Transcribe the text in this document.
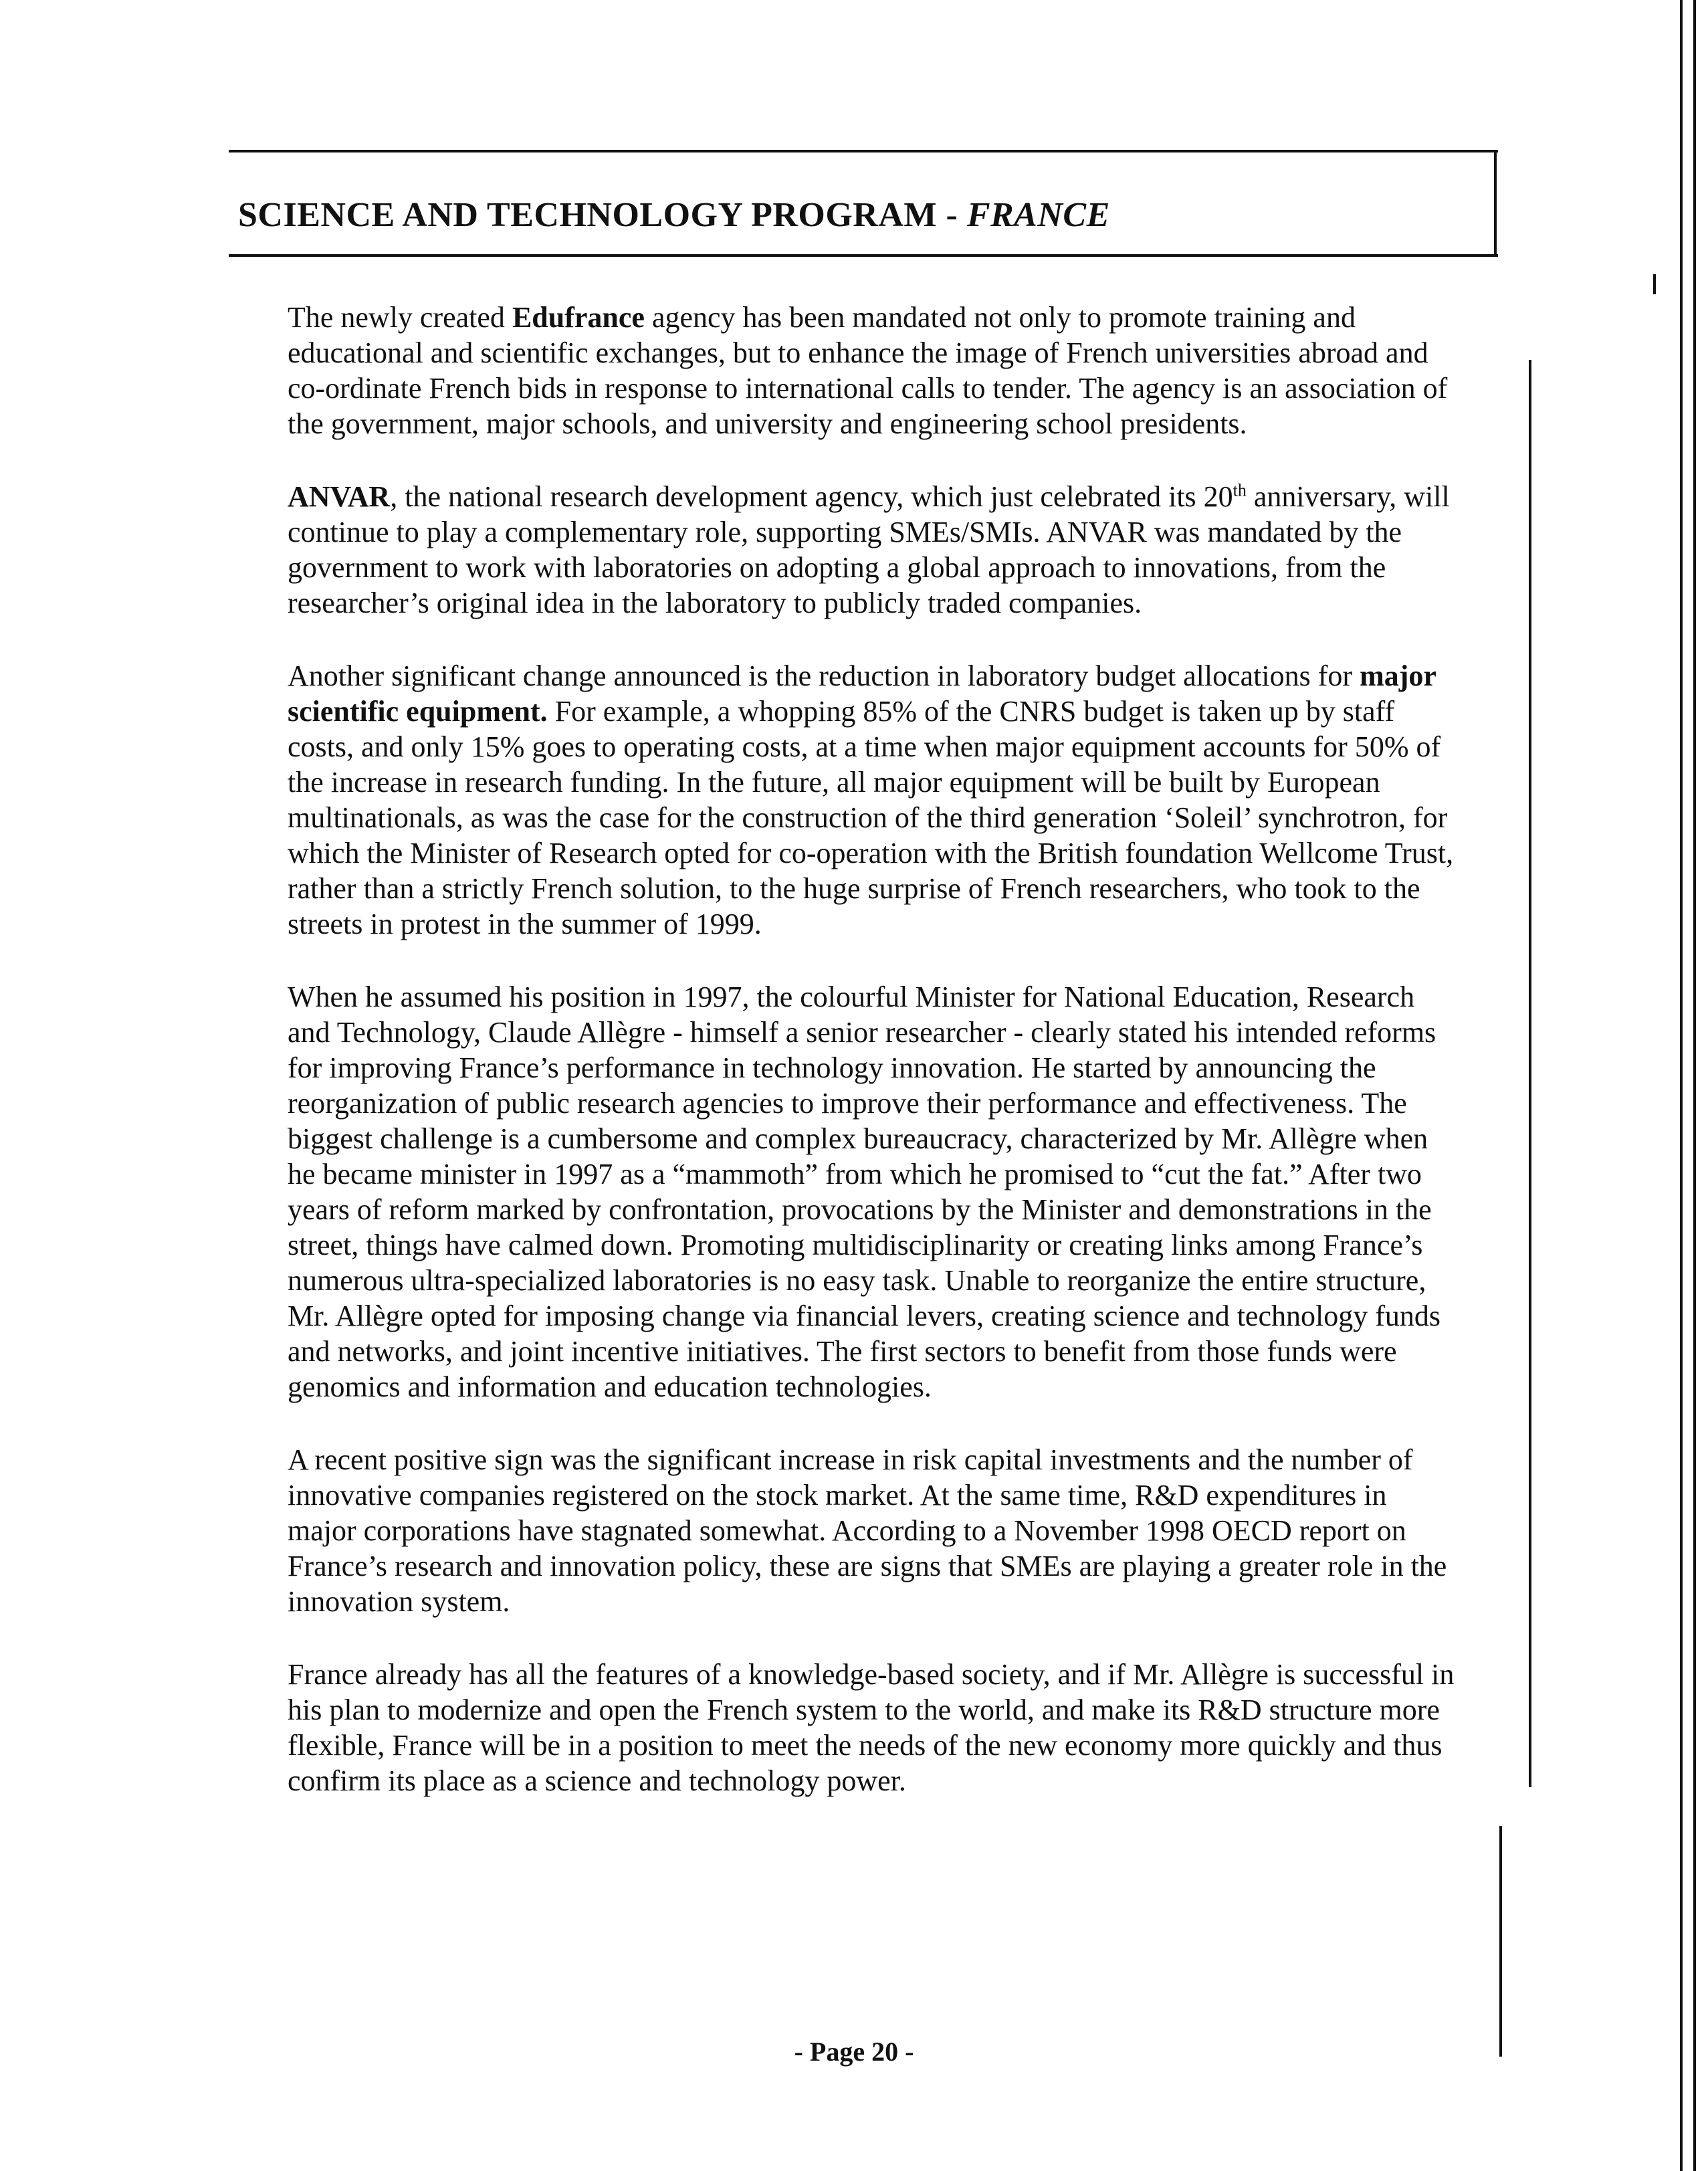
SCIENCE AND TECHNOLOGY PROGRAM - FRANCE

The newly created Edufrance agency has been mandated not only to promote training and educational and scientific exchanges, but to enhance the image of French universities abroad and co-ordinate French bids in response to international calls to tender. The agency is an association of the government, major schools, and university and engineering school presidents.

ANVAR, the national research development agency, which just celebrated its 20th anniversary, will continue to play a complementary role, supporting SMEs/SMIs. ANVAR was mandated by the government to work with laboratories on adopting a global approach to innovations, from the researcher’s original idea in the laboratory to publicly traded companies.

Another significant change announced is the reduction in laboratory budget allocations for major scientific equipment. For example, a whopping 85% of the CNRS budget is taken up by staff costs, and only 15% goes to operating costs, at a time when major equipment accounts for 50% of the increase in research funding. In the future, all major equipment will be built by European multinationals, as was the case for the construction of the third generation ‘Soleil’ synchrotron, for which the Minister of Research opted for co-operation with the British foundation Wellcome Trust, rather than a strictly French solution, to the huge surprise of French researchers, who took to the streets in protest in the summer of 1999.

When he assumed his position in 1997, the colourful Minister for National Education, Research and Technology, Claude Allègre - himself a senior researcher - clearly stated his intended reforms for improving France’s performance in technology innovation. He started by announcing the reorganization of public research agencies to improve their performance and effectiveness. The biggest challenge is a cumbersome and complex bureaucracy, characterized by Mr. Allègre when he became minister in 1997 as a “mammoth” from which he promised to “cut the fat.” After two years of reform marked by confrontation, provocations by the Minister and demonstrations in the street, things have calmed down. Promoting multidisciplinarity or creating links among France’s numerous ultra-specialized laboratories is no easy task. Unable to reorganize the entire structure, Mr. Allègre opted for imposing change via financial levers, creating science and technology funds and networks, and joint incentive initiatives. The first sectors to benefit from those funds were genomics and information and education technologies.

A recent positive sign was the significant increase in risk capital investments and the number of innovative companies registered on the stock market. At the same time, R&D expenditures in major corporations have stagnated somewhat. According to a November 1998 OECD report on France’s research and innovation policy, these are signs that SMEs are playing a greater role in the innovation system.

France already has all the features of a knowledge-based society, and if Mr. Allègre is successful in his plan to modernize and open the French system to the world, and make its R&D structure more flexible, France will be in a position to meet the needs of the new economy more quickly and thus confirm its place as a science and technology power.

- Page 20 -
